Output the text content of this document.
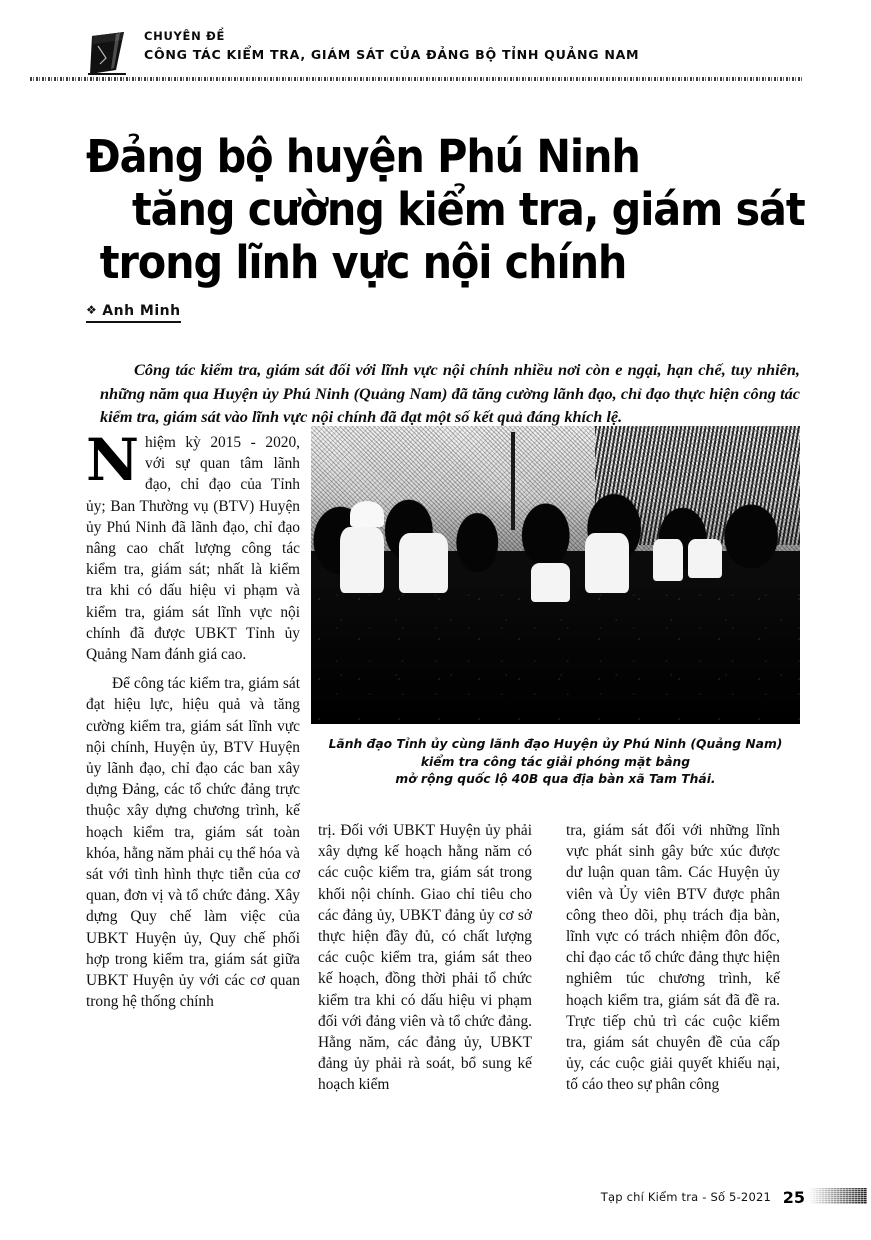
CHUYÊN ĐỀ
CÔNG TÁC KIỂM TRA, GIÁM SÁT CỦA ĐẢNG BỘ TỈNH QUẢNG NAM
Đảng bộ huyện Phú Ninh
tăng cường kiểm tra, giám sát
trong lĩnh vực nội chính
❖ Anh Minh

Công tác kiểm tra, giám sát đối với lĩnh vực nội chính nhiều nơi còn e ngại, hạn chế, tuy nhiên, những năm qua Huyện ủy Phú Ninh (Quảng Nam) đã tăng cường lãnh đạo, chỉ đạo thực hiện công tác kiểm tra, giám sát vào lĩnh vực nội chính đã đạt một số kết quả đáng khích lệ.

Lãnh đạo Tỉnh ủy cùng lãnh đạo Huyện ủy Phú Ninh (Quảng Nam)
kiểm tra công tác giải phóng mặt bằng
mở rộng quốc lộ 40B qua địa bàn xã Tam Thái.

Nhiệm kỳ 2015 - 2020, với sự quan tâm lãnh đạo, chỉ đạo của Tỉnh ủy; Ban Thường vụ (BTV) Huyện ủy Phú Ninh đã lãnh đạo, chỉ đạo nâng cao chất lượng công tác kiểm tra, giám sát; nhất là kiểm tra khi có dấu hiệu vi phạm và kiểm tra, giám sát lĩnh vực nội chính đã được UBKT Tỉnh ủy Quảng Nam đánh giá cao.

Để công tác kiểm tra, giám sát đạt hiệu lực, hiệu quả và tăng cường kiểm tra, giám sát lĩnh vực nội chính, Huyện ủy, BTV Huyện ủy lãnh đạo, chỉ đạo các ban xây dựng Đảng, các tổ chức đảng trực thuộc xây dựng chương trình, kế hoạch kiểm tra, giám sát toàn khóa, hằng năm phải cụ thể hóa và sát với tình hình thực tiễn của cơ quan, đơn vị và tổ chức đảng. Xây dựng Quy chế làm việc của UBKT Huyện ủy, Quy chế phối hợp trong kiểm tra, giám sát giữa UBKT Huyện ủy với các cơ quan trong hệ thống chính

trị. Đối với UBKT Huyện ủy phải xây dựng kế hoạch hằng năm có các cuộc kiểm tra, giám sát trong khối nội chính. Giao chỉ tiêu cho các đảng ủy, UBKT đảng ủy cơ sở thực hiện đầy đủ, có chất lượng các cuộc kiểm tra, giám sát theo kế hoạch, đồng thời phải tổ chức kiểm tra khi có dấu hiệu vi phạm đối với đảng viên và tổ chức đảng. Hằng năm, các đảng ủy, UBKT đảng ủy phải rà soát, bổ sung kế hoạch kiểm

tra, giám sát đối với những lĩnh vực phát sinh gây bức xúc được dư luận quan tâm. Các Huyện ủy viên và Ủy viên BTV được phân công theo dõi, phụ trách địa bàn, lĩnh vực có trách nhiệm đôn đốc, chỉ đạo các tổ chức đảng thực hiện nghiêm túc chương trình, kế hoạch kiểm tra, giám sát đã đề ra. Trực tiếp chủ trì các cuộc kiểm tra, giám sát chuyên đề của cấp ủy, các cuộc giải quyết khiếu nại, tố cáo theo sự phân công

Tạp chí Kiểm tra - Số 5-2021 25
